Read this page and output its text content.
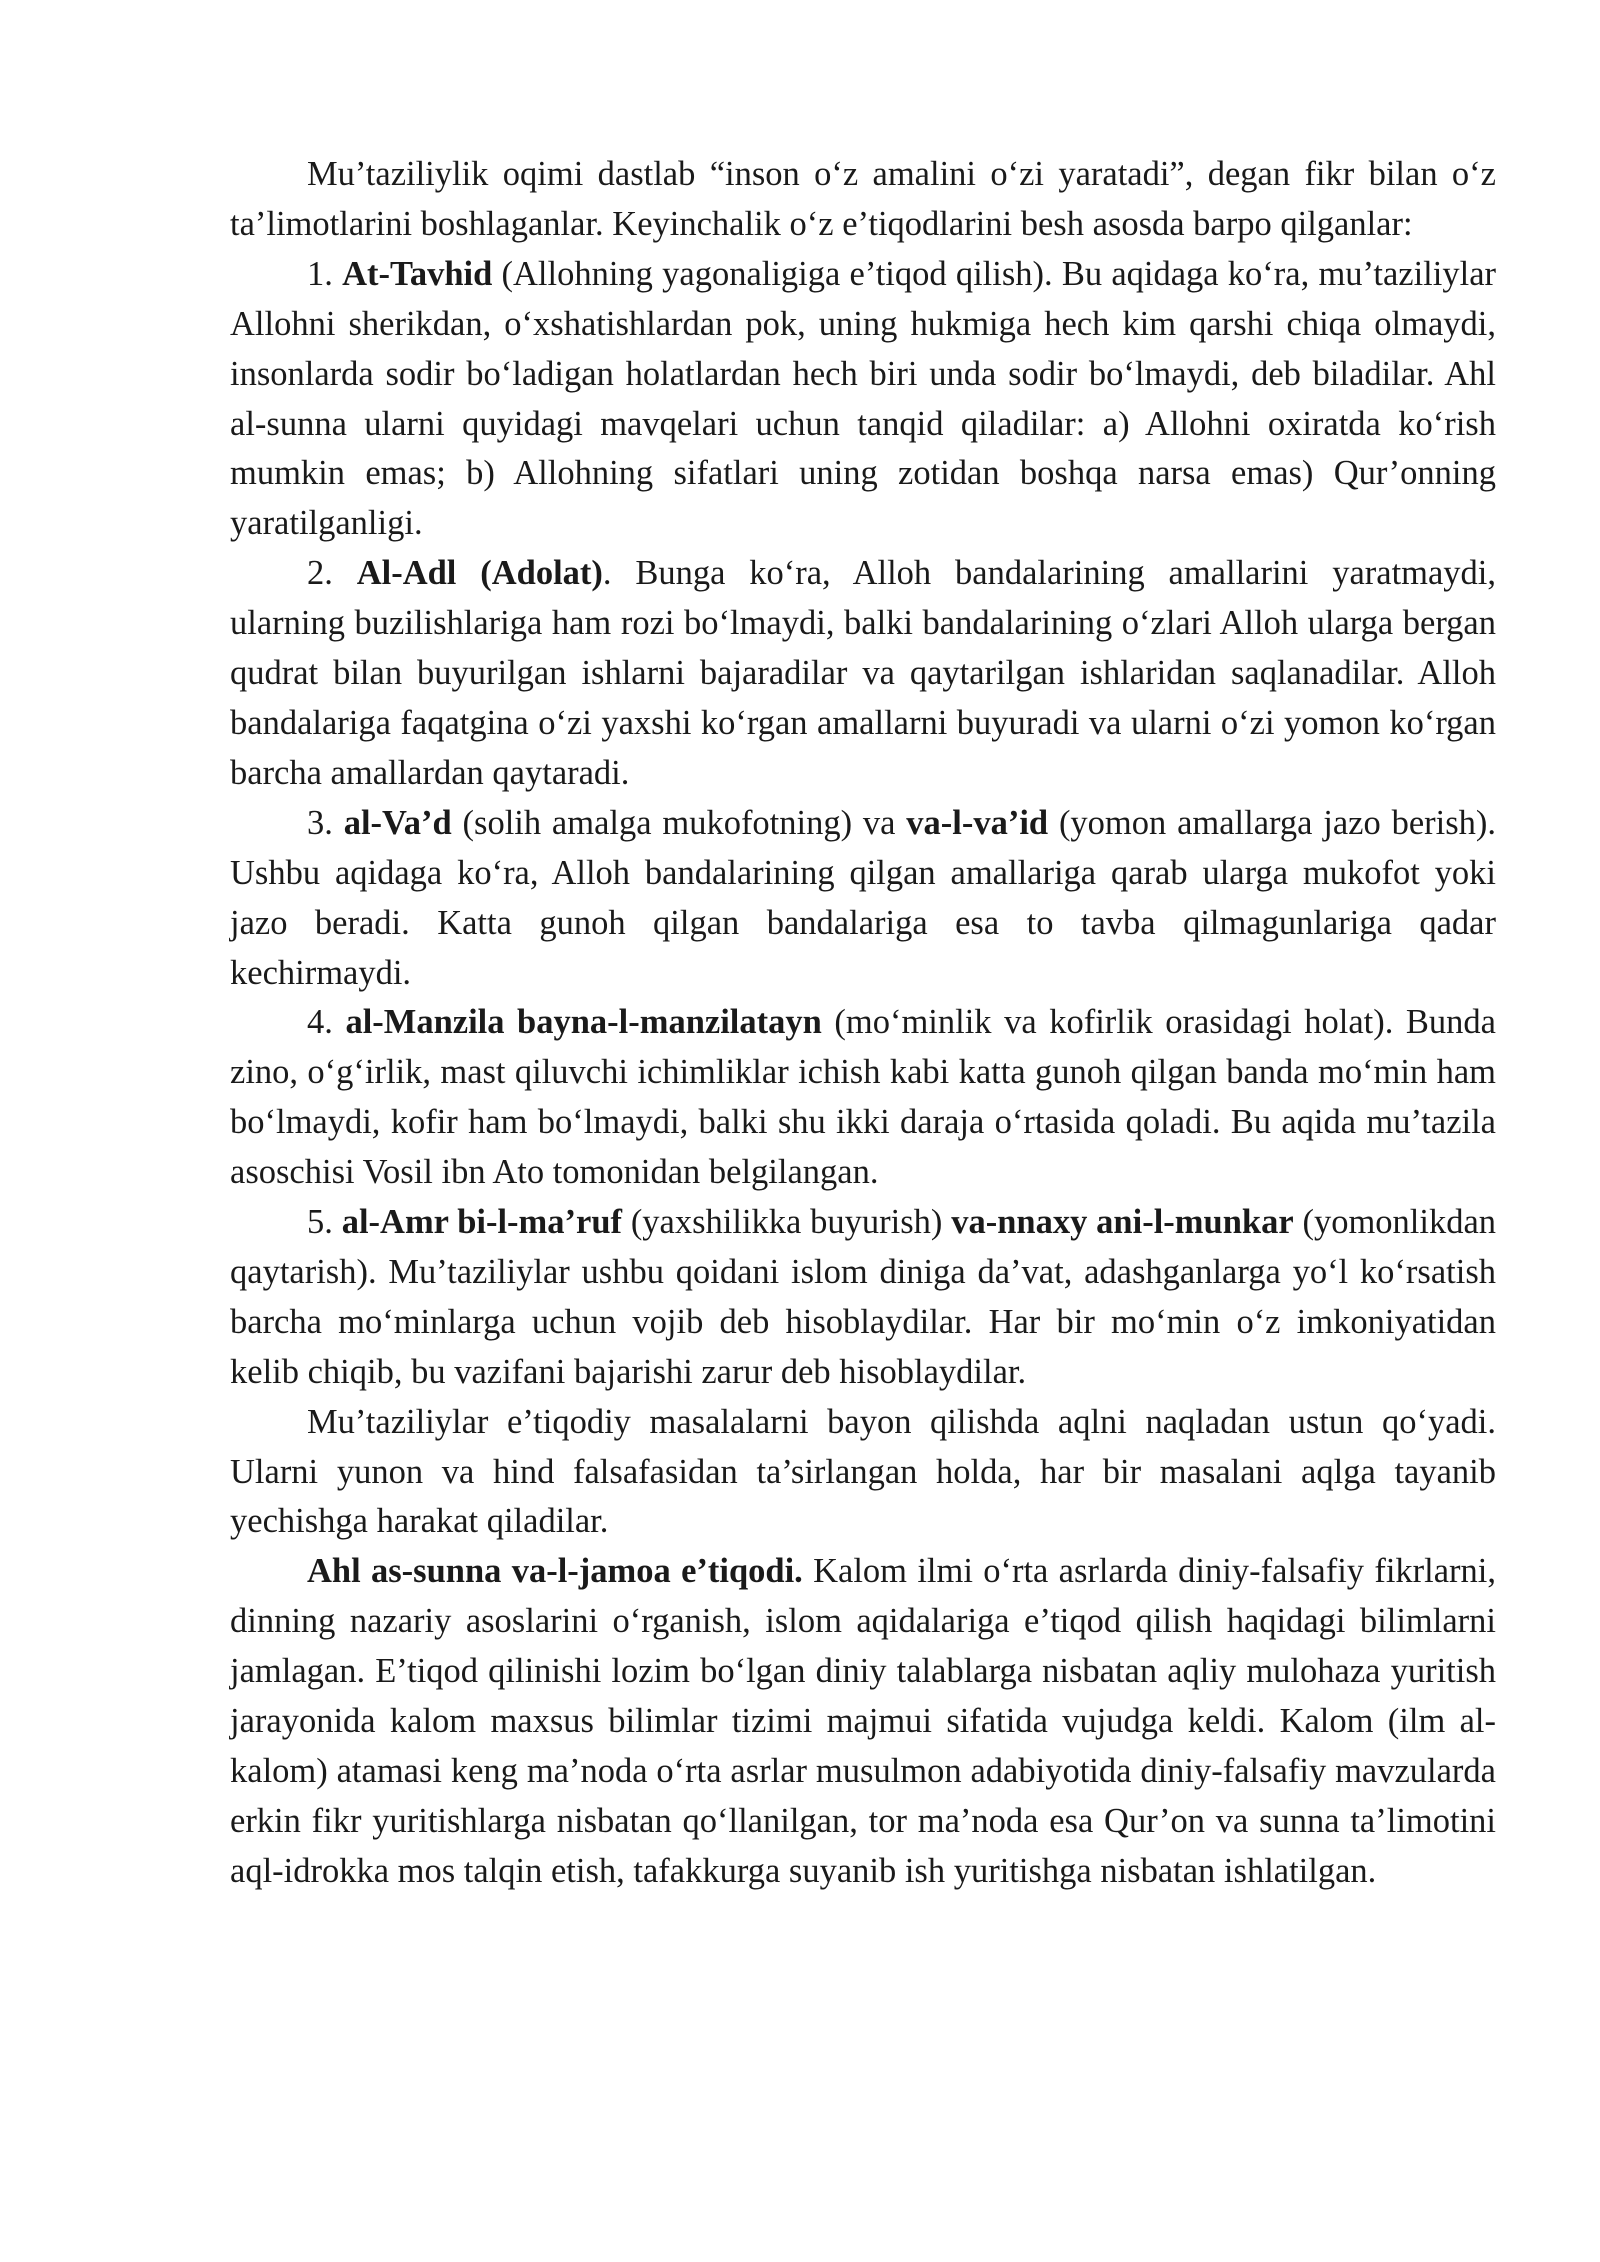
Mu’taziliylik oqimi dastlab “inson o‘z amalini o‘zi yaratadi”, degan fikr bilan o‘z ta’limotlarini boshlaganlar. Keyinchalik o‘z e’tiqodlarini besh asosda barpo qilganlar:

1. At-Tavhid (Allohning yagonaligiga e’tiqod qilish). Bu aqidaga ko‘ra, mu’taziliylar Allohni sherikdan, o‘xshatishlardan pok, uning hukmiga hech kim qarshi chiqa olmaydi, insonlarda sodir bo‘ladigan holatlardan hech biri unda sodir bo‘lmaydi, deb biladilar. Ahl al-sunna ularni quyidagi mavqelari uchun tanqid qiladilar: a) Allohni oxiratda ko‘rish mumkin emas; b) Allohning sifatlari uning zotidan boshqa narsa emas) Qur’onning yaratilganligi.

2. Al-Adl (Adolat). Bunga ko‘ra, Alloh bandalarining amallarini yaratmaydi, ularning buzilishlariga ham rozi bo‘lmaydi, balki bandalarining o‘zlari Alloh ularga bergan qudrat bilan buyurilgan ishlarni bajaradilar va qaytarilgan ishlaridan saqlanadilar. Alloh bandalariga faqatgina o‘zi yaxshi ko‘rgan amallarni buyuradi va ularni o‘zi yomon ko‘rgan barcha amallardan qaytaradi.

3. al-Va’d (solih amalga mukofotning) va va-l-va’id (yomon amallarga jazo berish). Ushbu aqidaga ko‘ra, Alloh bandalarining qilgan amallariga qarab ularga mukofot yoki jazo beradi. Katta gunoh qilgan bandalariga esa to tavba qilmagunlariga qadar kechirmaydi.

4. al-Manzila bayna-l-manzilatayn (mo‘minlik va kofirlik orasidagi holat). Bunda zino, o‘g‘irlik, mast qiluvchi ichimliklar ichish kabi katta gunoh qilgan banda mo‘min ham bo‘lmaydi, kofir ham bo‘lmaydi, balki shu ikki daraja o‘rtasida qoladi. Bu aqida mu’tazila asoschisi Vosil ibn Ato tomonidan belgilangan.

5. al-Amr bi-l-ma’ruf (yaxshilikka buyurish) va-nnaxy ani-l-munkar (yomonlikdan qaytarish). Mu’taziliylar ushbu qoidani islom diniga da’vat, adashganlarga yo‘l ko‘rsatish barcha mo‘minlarga uchun vojib deb hisoblaydilar. Har bir mo‘min o‘z imkoniyatidan kelib chiqib, bu vazifani bajarishi zarur deb hisoblaydilar.

Mu’taziliylar e’tiqodiy masalalarni bayon qilishda aqlni naqladan ustun qo‘yadi. Ularni yunon va hind falsafasidan ta’sirlangan holda, har bir masalani aqlga tayanib yechishga harakat qiladilar.

Ahl as-sunna va-l-jamoa e’tiqodi. Kalom ilmi o‘rta asrlarda diniy-falsafiy fikrlarni, dinning nazariy asoslarini o‘rganish, islom aqidalariga e’tiqod qilish haqidagi bilimlarni jamlagan. E’tiqod qilinishi lozim bo‘lgan diniy talablarga nisbatan aqliy mulohaza yuritish jarayonida kalom maxsus bilimlar tizimi majmui sifatida vujudga keldi. Kalom (ilm al-kalom) atamasi keng ma’noda o‘rta asrlar musulmon adabiyotida diniy-falsafiy mavzularda erkin fikr yuritishlarga nisbatan qo‘llanilgan, tor ma’noda esa Qur’on va sunna ta’limotini aql-idrokka mos talqin etish, tafakkurga suyanib ish yuritishga nisbatan ishlatilgan.
